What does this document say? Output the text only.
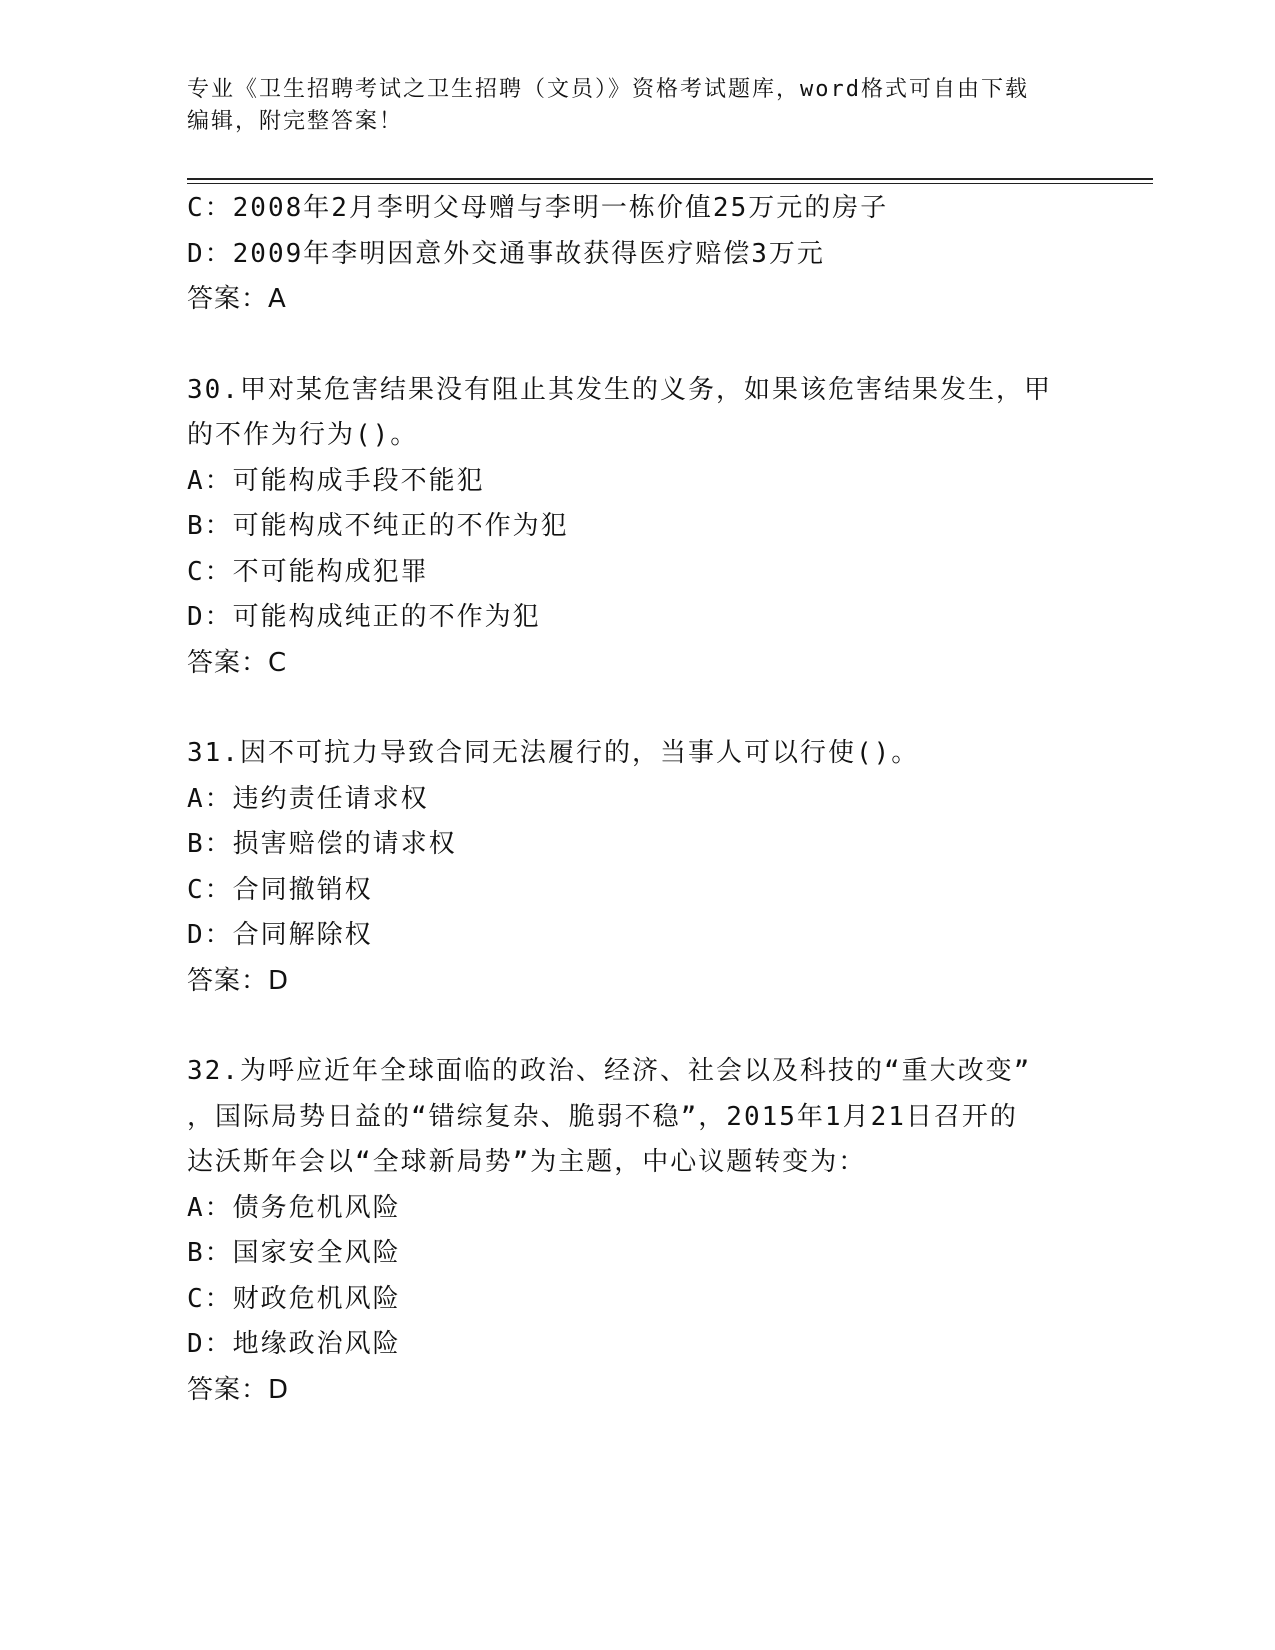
专业《卫生招聘考试之卫生招聘（文员）》资格考试题库，word格式可自由下载
编辑，附完整答案！
C：2008年2月李明父母赠与李明一栋价值25万元的房子
D：2009年李明因意外交通事故获得医疗赔偿3万元
答案：A
30.甲对某危害结果没有阻止其发生的义务，如果该危害结果发生，甲
的不作为行为()。
A：可能构成手段不能犯
B：可能构成不纯正的不作为犯
C：不可能构成犯罪
D：可能构成纯正的不作为犯
答案：C
31.因不可抗力导致合同无法履行的，当事人可以行使()。
A：违约责任请求权
B：损害赔偿的请求权
C：合同撤销权
D：合同解除权
答案：D
32.为呼应近年全球面临的政治、经济、社会以及科技的“重大改变”
，国际局势日益的“错综复杂、脆弱不稳”，2015年1月21日召开的
达沃斯年会以“全球新局势”为主题，中心议题转变为：
A：债务危机风险
B：国家安全风险
C：财政危机风险
D：地缘政治风险
答案：D
